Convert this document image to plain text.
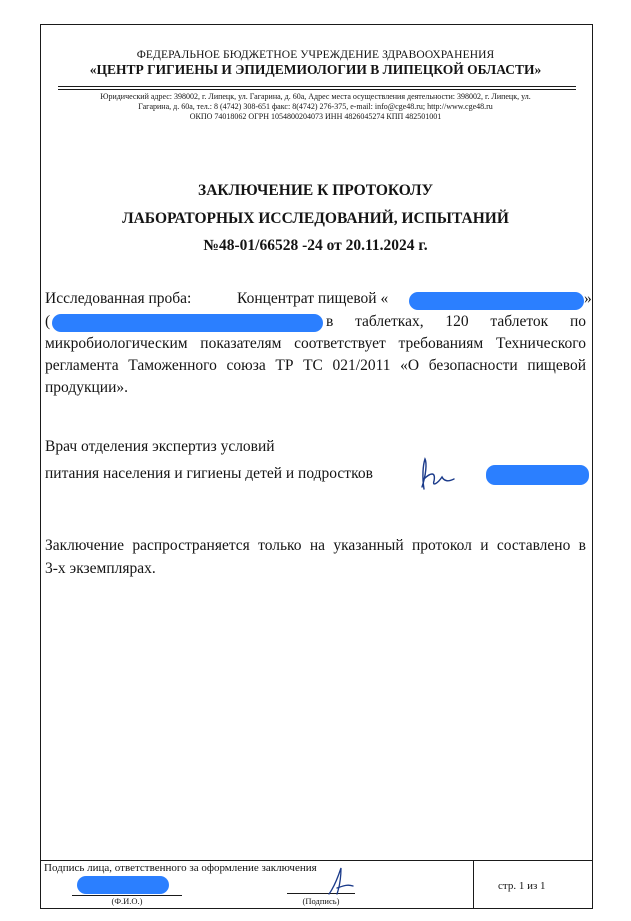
ФЕДЕРАЛЬНОЕ БЮДЖЕТНОЕ УЧРЕЖДЕНИЕ ЗДРАВООХРАНЕНИЯ
«ЦЕНТР ГИГИЕНЫ И ЭПИДЕМИОЛОГИИ В ЛИПЕЦКОЙ ОБЛАСТИ»
Юридический адрес: 398002, г. Липецк, ул. Гагарина, д. 60а, Адрес места осуществления деятельности: 398002, г. Липецк, ул.
Гагарина, д. 60а, тел.: 8 (4742) 308-651 факс: 8(4742) 276-375, e-mail: info@cge48.ru; http://www.cge48.ru
ОКПО 74018062 ОГРН 1054800204073 ИНН 4826045274 КПП 482501001
ЗАКЛЮЧЕНИЕ К ПРОТОКОЛУ
ЛАБОРАТОРНЫХ ИССЛЕДОВАНИЙ, ИСПЫТАНИЙ
№48-01/66528 -24 от 20.11.2024 г.
Исследованная проба:	Концентрат пищевой «	»
(	в таблетках, 120 таблеток по
микробиологическим показателям соответствует требованиям Технического
регламента Таможенного союза ТР ТС 021/2011 «О безопасности пищевой
продукции».
Врач отделения экспертиз условий
питания населения и гигиены детей и подростков
Заключение распространяется только на указанный протокол и составлено в
3-х экземплярах.
Подпись лица, ответственного за оформление заключения
(Ф.И.О.)	(Подпись)
стр. 1 из 1
